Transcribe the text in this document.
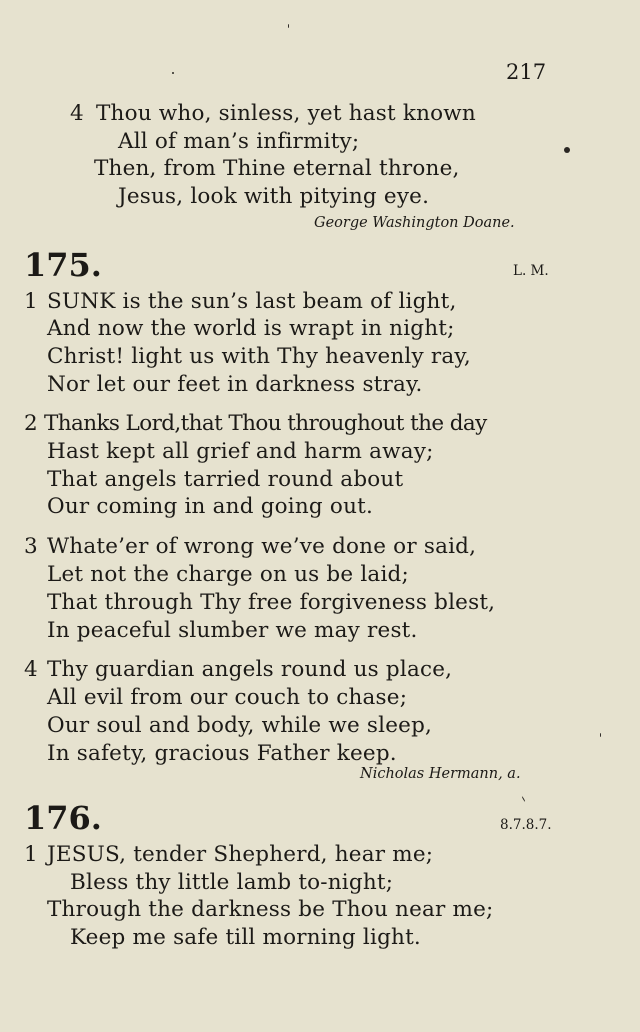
217
4 Thou who, sinless, yet hast known
All of man’s infirmity;
Then, from Thine eternal throne,
Jesus, look with pitying eye.
George Washington Doane.
175.	L. M.
1 SUNK is the sun’s last beam of light,
And now the world is wrapt in night;
Christ! light us with Thy heavenly ray,
Nor let our feet in darkness stray.
2 Thanks Lord,that Thou throughout the day
Hast kept all grief and harm away;
That angels tarried round about
Our coming in and going out.
3 Whate’er of wrong we’ve done or said,
Let not the charge on us be laid;
That through Thy free forgiveness blest,
In peaceful slumber we may rest.
4 Thy guardian angels round us place,
All evil from our couch to chase;
Our soul and body, while we sleep,
In safety, gracious Father keep.
Nicholas Hermann, a.
176.	8.7.8.7.
1 JESUS, tender Shepherd, hear me;
Bless thy little lamb to-night;
Through the darkness be Thou near me;
Keep me safe till morning light.
